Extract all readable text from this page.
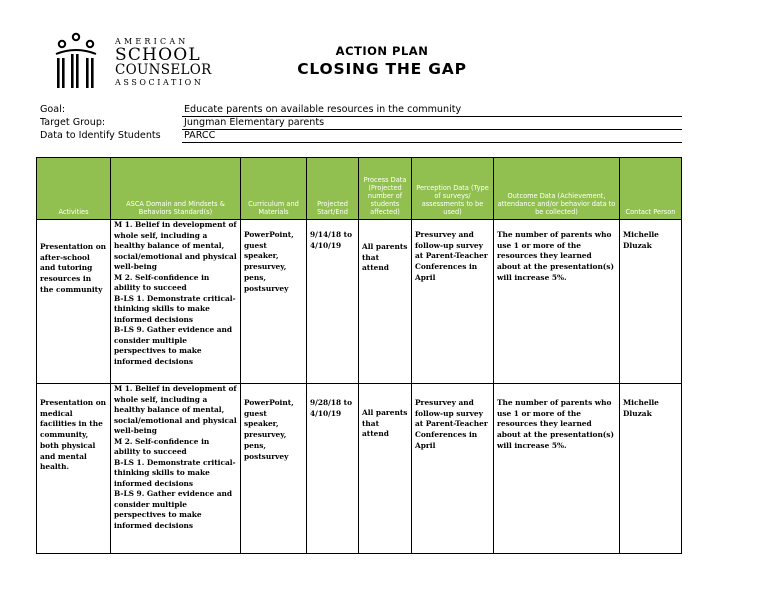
AMERICAN
SCHOOL
COUNSELOR
ASSOCIATION
ACTION PLAN
CLOSING THE GAP
Goal:	Educate parents on available resources in the community
Target Group:	Jungman Elementary parents
Data to Identify Students PARCC
Activities	ASCA Domain and Mindsets & Behaviors Standard(s)	Curriculum and Materials	Projected Start/End	Process Data (Projected number of students affected)	Perception Data (Type of surveys/ assessments to be used)	Outcome Data (Achievement, attendance and/or behavior data to be collected)	Contact Person
Presentation on after-school and tutoring resources in the community	M 1. Belief in development of whole self, including a healthy balance of mental, social/emotional and physical well-being
M 2. Self-confidence in ability to succeed
B-LS 1. Demonstrate critical-thinking skills to make informed decisions
B-LS 9. Gather evidence and consider multiple perspectives to make informed decisions	PowerPoint, guest speaker, presurvey, pens, postsurvey	9/14/18 to 4/10/19	All parents that attend	Presurvey and follow-up survey at Parent-Teacher Conferences in April	The number of parents who use 1 or more of the resources they learned about at the presentation(s) will increase 5%.	Michelle Dluzak
Presentation on medical facilities in the community, both physical and mental health.	M 1. Belief in development of whole self, including a healthy balance of mental, social/emotional and physical well-being
M 2. Self-confidence in ability to succeed
B-LS 1. Demonstrate critical-thinking skills to make informed decisions
B-LS 9. Gather evidence and consider multiple perspectives to make informed decisions	PowerPoint, guest speaker, presurvey, pens, postsurvey	9/28/18 to 4/10/19	All parents that attend	Presurvey and follow-up survey at Parent-Teacher Conferences in April	The number of parents who use 1 or more of the resources they learned about at the presentation(s) will increase 5%.	Michelle Dluzak
